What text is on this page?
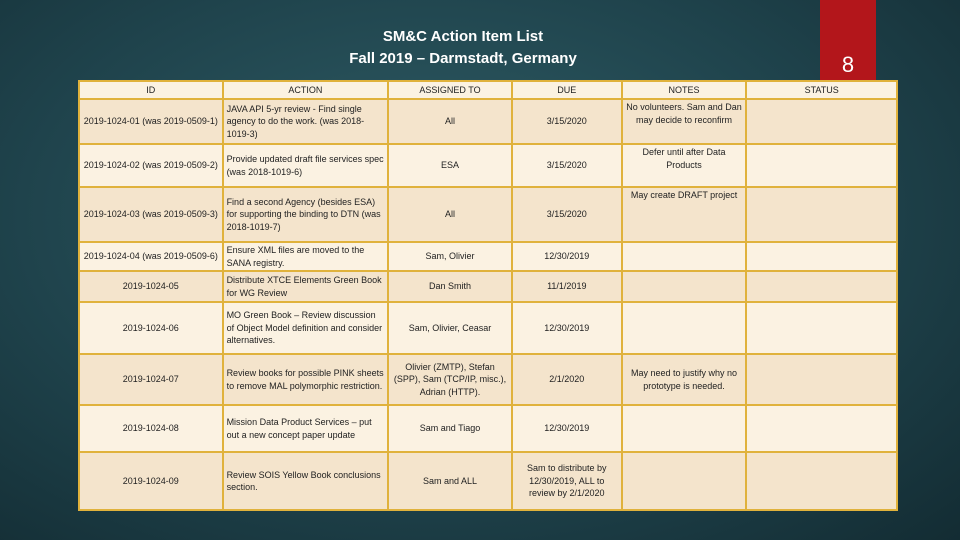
SM&C Action Item List
Fall 2019 – Darmstadt, Germany	8
ID	ACTION	ASSIGNED TO	DUE	NOTES	STATUS
2019-1024-01 (was 2019-0509-1)	JAVA API 5-yr review - Find single agency to do the work. (was 2018-1019-3)	All	3/15/2020	No volunteers. Sam and Dan may decide to reconfirm	
2019-1024-02 (was 2019-0509-2)	Provide updated draft file services spec (was 2018-1019-6)	ESA	3/15/2020	Defer until after Data Products	
2019-1024-03 (was 2019-0509-3)	Find a second Agency (besides ESA) for supporting the binding to DTN (was 2018-1019-7)	All	3/15/2020	May create DRAFT project	
2019-1024-04 (was 2019-0509-6)	Ensure XML files are moved to the SANA registry.	Sam, Olivier	12/30/2019		
2019-1024-05	Distribute XTCE Elements Green Book for WG Review	Dan Smith	11/1/2019		
2019-1024-06	MO Green Book – Review discussion of Object Model definition and consider alternatives.	Sam, Olivier, Ceasar	12/30/2019		
2019-1024-07	Review books for possible PINK sheets to remove MAL polymorphic restriction.	Olivier (ZMTP), Stefan (SPP), Sam (TCP/IP, misc.), Adrian (HTTP).	2/1/2020	May need to justify why no prototype is needed.	
2019-1024-08	Mission Data Product Services – put out a new concept paper update	Sam and Tiago	12/30/2019		
2019-1024-09	Review SOIS Yellow Book conclusions section.	Sam and ALL	Sam to distribute by 12/30/2019, ALL to review by 2/1/2020		
